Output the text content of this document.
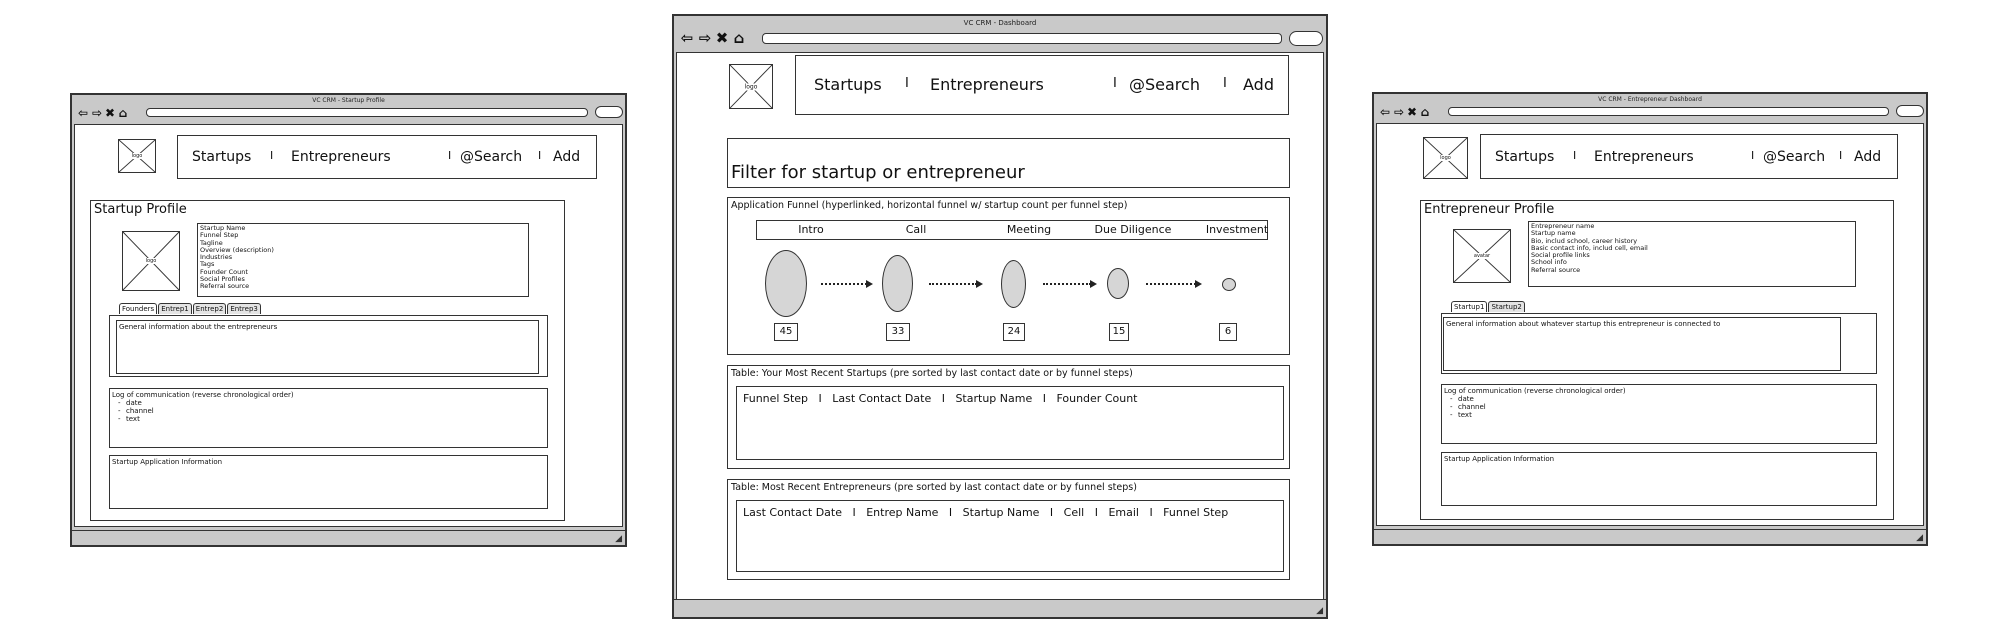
VC CRM - Startup Profile
⇦ ⇨ ✖ ⌂
logo	Startups I Entrepreneurs	I @Search I Add
Startup Profile
logo
Startup Name
Funnel Step
Tagline
Overview (description)
Industries
Tags
Founder Count
Social Profiles
Referral source
Founders	Entrep1	Entrep2	Entrep3
General information about the entrepreneurs
Log of communication (reverse chronological order)
- date
- channel
- text
Startup Application Information
◢
VC CRM - Dashboard
⇦ ⇨ ✖ ⌂
logo	Startups I Entrepreneurs	I @Search I Add
Filter for startup or entrepreneur
Application Funnel (hyperlinked, horizontal funnel w/ startup count per funnel step)
Intro	Call	Meeting	Due Diligence	Investment
45	33	24	15	6
Table: Your Most Recent Startups (pre sorted by last contact date or by funnel steps)
Funnel Step   I   Last Contact Date   I   Startup Name   I   Founder Count
Table: Most Recent Entrepreneurs (pre sorted by last contact date or by funnel steps)
Last Contact Date   I   Entrep Name   I   Startup Name   I   Cell   I   Email   I   Funnel Step
◢
VC CRM - Entrepreneur Dashboard
⇦ ⇨ ✖ ⌂
logo	Startups I Entrepreneurs	I @Search I Add
Entrepreneur Profile
avatar
Entrepreneur name
Startup name
Bio, includ school, career history
Basic contact info, includ cell, email
Social profile links
School info
Referral source
Startup1	Startup2
General information about whatever startup this entrepreneur is connected to
Log of communication (reverse chronological order)
- date
- channel
- text
Startup Application Information
◢
